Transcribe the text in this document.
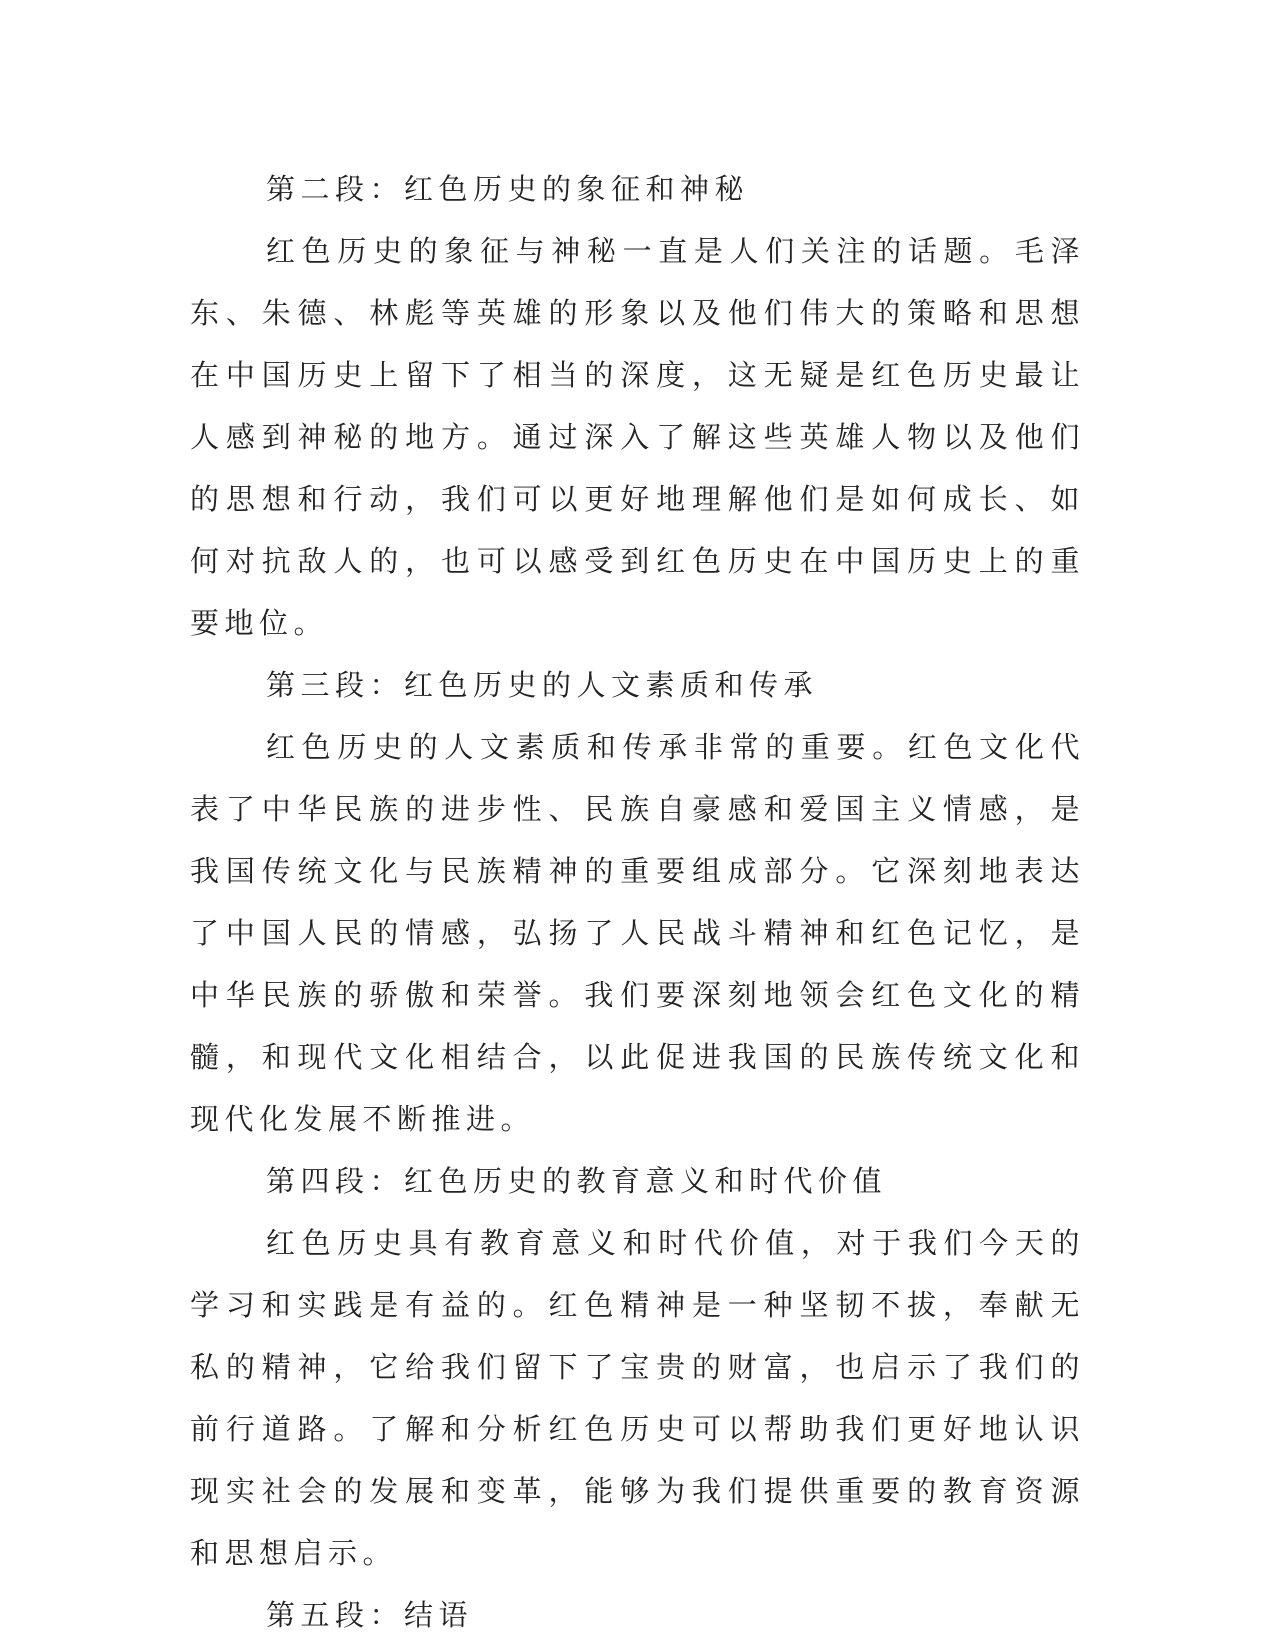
第二段：红色历史的象征和神秘

红色历史的象征与神秘一直是人们关注的话题。毛泽东、朱德、林彪等英雄的形象以及他们伟大的策略和思想在中国历史上留下了相当的深度，这无疑是红色历史最让人感到神秘的地方。通过深入了解这些英雄人物以及他们的思想和行动，我们可以更好地理解他们是如何成长、如何对抗敌人的，也可以感受到红色历史在中国历史上的重要地位。

第三段：红色历史的人文素质和传承

红色历史的人文素质和传承非常的重要。红色文化代表了中华民族的进步性、民族自豪感和爱国主义情感，是我国传统文化与民族精神的重要组成部分。它深刻地表达了中国人民的情感，弘扬了人民战斗精神和红色记忆，是中华民族的骄傲和荣誉。我们要深刻地领会红色文化的精髓，和现代文化相结合，以此促进我国的民族传统文化和现代化发展不断推进。

第四段：红色历史的教育意义和时代价值

红色历史具有教育意义和时代价值，对于我们今天的学习和实践是有益的。红色精神是一种坚韧不拔，奉献无私的精神，它给我们留下了宝贵的财富，也启示了我们的前行道路。了解和分析红色历史可以帮助我们更好地认识现实社会的发展和变革，能够为我们提供重要的教育资源和思想启示。

第五段：结语
